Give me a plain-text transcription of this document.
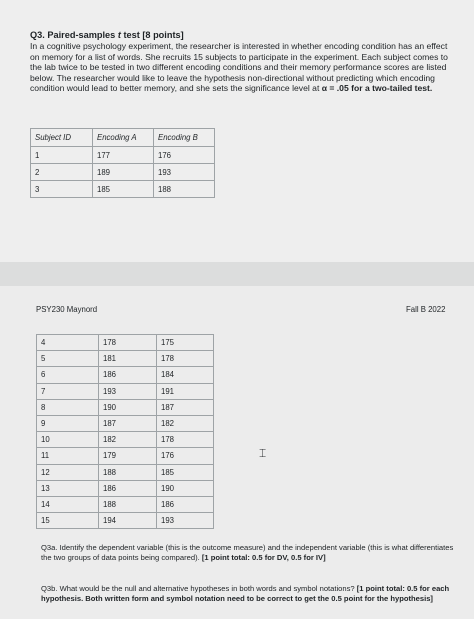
Q3. Paired-samples t test [8 points]

In a cognitive psychology experiment, the researcher is interested in whether encoding condition has an effect on memory for a list of words. She recruits 15 subjects to participate in the experiment. Each subject comes to the lab twice to be tested in two different encoding conditions and their memory performance scores are listed below. The researcher would like to leave the hypothesis non-directional without predicting which encoding condition would lead to better memory, and she sets the significance level at α = .05 for a two-tailed test.

Subject ID	Encoding A	Encoding B
1	177	176
2	189	193
3	185	188
PSY230 Maynord	Fall B 2022
4	178	175
5	181	178
6	186	184
7	193	191
8	190	187
9	187	182
10	182	178
11	179	176
12	188	185
13	186	190
14	188	186
15	194	193
⌶

Q3a. Identify the dependent variable (this is the outcome measure) and the independent variable (this is what differentiates the two groups of data points being compared). [1 point total: 0.5 for DV, 0.5 for IV]

Q3b. What would be the null and alternative hypotheses in both words and symbol notations? [1 point total: 0.5 for each hypothesis. Both written form and symbol notation need to be correct to get the 0.5 point for the hypothesis]
